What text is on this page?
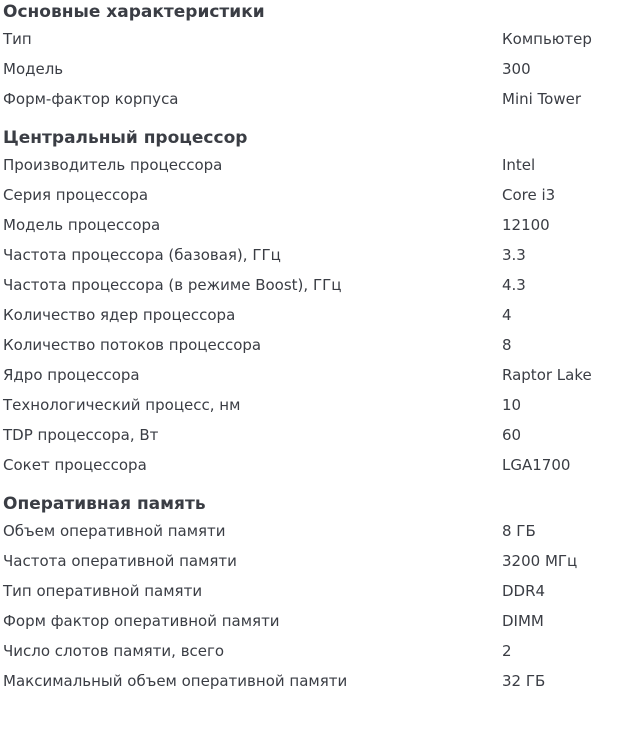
Основные характеристики
Тип	Компьютер
Модель	300
Форм-фактор корпуса	Mini Tower
Центральный процессор
Производитель процессора	Intel
Серия процессора	Core i3
Модель процессора	12100
Частота процессора (базовая), ГГц	3.3
Частота процессора (в режиме Boost), ГГц	4.3
Количество ядер процессора	4
Количество потоков процессора	8
Ядро процессора	Raptor Lake
Технологический процесс, нм	10
TDP процессора, Вт	60
Сокет процессора	LGA1700
Оперативная память
Объем оперативной памяти	8 ГБ
Частота оперативной памяти	3200 МГц
Тип оперативной памяти	DDR4
Форм фактор оперативной памяти	DIMM
Число слотов памяти, всего	2
Максимальный объем оперативной памяти	32 ГБ
